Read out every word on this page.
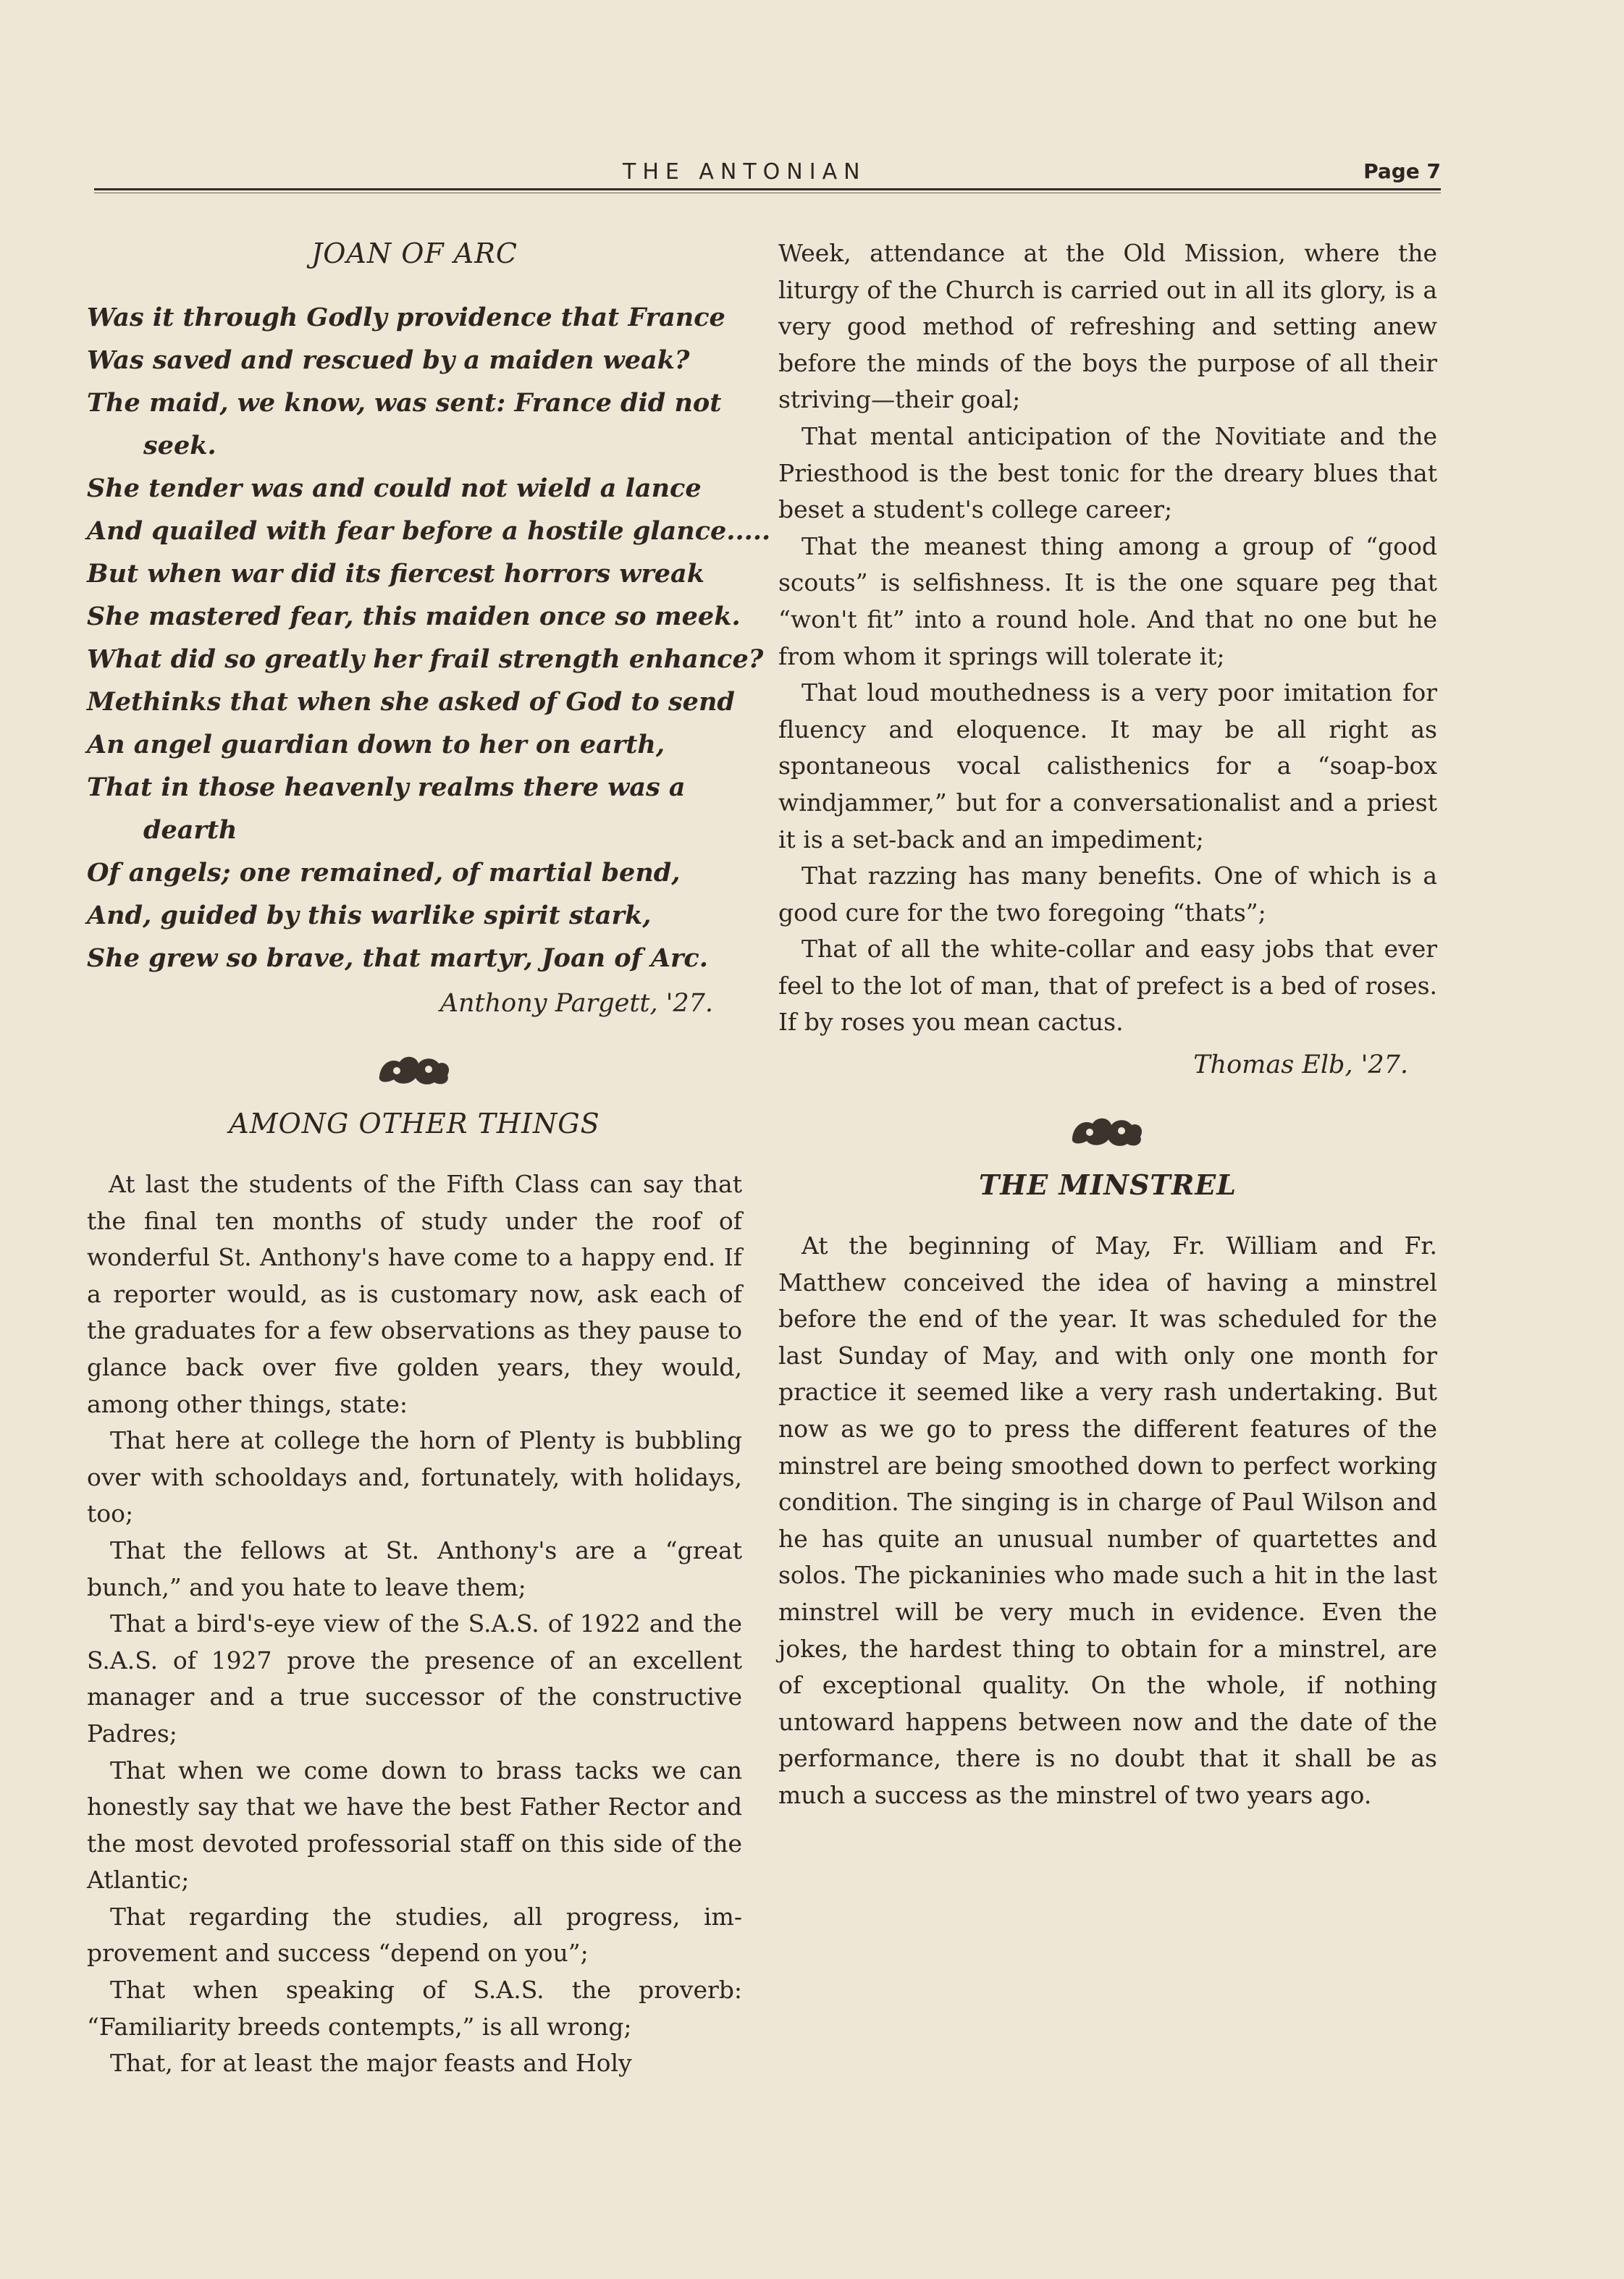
THE ANTONIAN	Page 7
JOAN OF ARC
Was it through Godly providence that France
Was saved and rescued by a maiden weak?
The maid, we know, was sent: France did not
seek.
She tender was and could not wield a lance
And quailed with fear before a hostile glance.....
But when war did its fiercest horrors wreak
She mastered fear, this maiden once so meek.
What did so greatly her frail strength enhance?
Methinks that when she asked of God to send
An angel guardian down to her on earth,
That in those heavenly realms there was a
dearth
Of angels; one remained, of martial bend,
And, guided by this warlike spirit stark,
She grew so brave, that martyr, Joan of Arc.
Anthony Pargett, '27.
AMONG OTHER THINGS

At last the students of the Fifth Class can say that the final ten months of study under the roof of wonderful St. Anthony's have come to a happy end. If a reporter would, as is customary now, ask each of the graduates for a few observations as they pause to glance back over five golden years, they would, among other things, state:

That here at college the horn of Plenty is bubbling over with schooldays and, fortunately, with holidays, too;

That the fellows at St. Anthony's are a “great bunch,” and you hate to leave them;

That a bird's-eye view of the S.A.S. of 1922 and the S.A.S. of 1927 prove the presence of an excellent manager and a true successor of the constructive Padres;

That when we come down to brass tacks we can honestly say that we have the best Father Rector and the most devoted professorial staff on this side of the Atlantic;

That regarding the studies, all progress, improvement and success “depend on you”;

That when speaking of S.A.S. the proverb: “Familiarity breeds contempts,” is all wrong;

That, for at least the major feasts and Holy

Week, attendance at the Old Mission, where the liturgy of the Church is carried out in all its glory, is a very good method of refreshing and setting anew before the minds of the boys the purpose of all their striving—their goal;

That mental anticipation of the Novitiate and the Priesthood is the best tonic for the dreary blues that beset a student's college career;

That the meanest thing among a group of “good scouts” is selfishness. It is the one square peg that “won't fit” into a round hole. And that no one but he from whom it springs will tolerate it;

That loud mouthedness is a very poor imitation for fluency and eloquence. It may be all right as spontaneous vocal calisthenics for a “soap-box windjammer,” but for a conversationalist and a priest it is a set-back and an impediment;

That razzing has many benefits. One of which is a good cure for the two foregoing “thats”;

That of all the white-collar and easy jobs that ever feel to the lot of man, that of prefect is a bed of roses. If by roses you mean cactus.

Thomas Elb, '27.
THE MINSTREL

At the beginning of May, Fr. William and Fr. Matthew conceived the idea of having a minstrel before the end of the year. It was scheduled for the last Sunday of May, and with only one month for practice it seemed like a very rash undertaking. But now as we go to press the different features of the minstrel are being smoothed down to perfect working condition. The singing is in charge of Paul Wilson and he has quite an unusual number of quartettes and solos. The pickaninies who made such a hit in the last minstrel will be very much in evidence. Even the jokes, the hardest thing to obtain for a minstrel, are of exceptional quality. On the whole, if nothing untoward happens between now and the date of the performance, there is no doubt that it shall be as much a success as the minstrel of two years ago.
